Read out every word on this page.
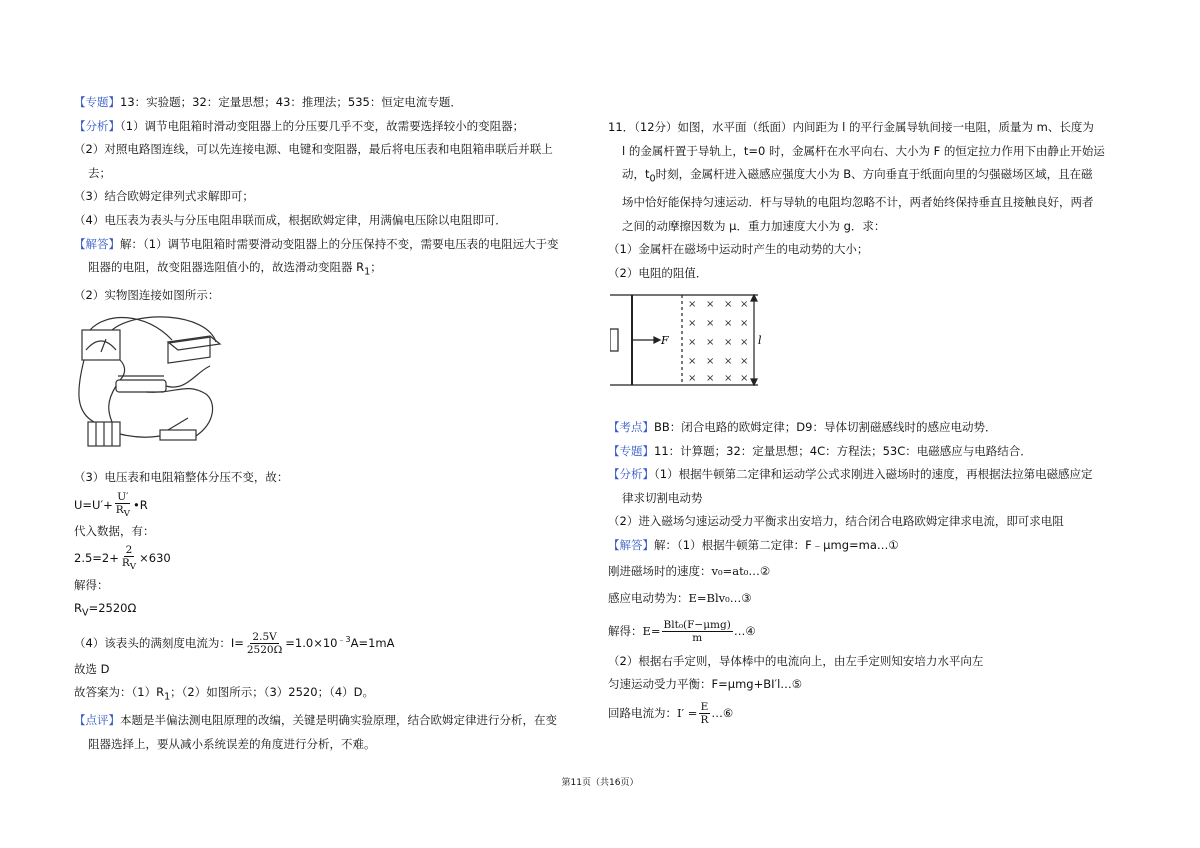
【专题】13：实验题；32：定量思想；43：推理法；535：恒定电流专题．

【分析】（1）调节电阻箱时滑动变阻器上的分压要几乎不变，故需要选择较小的变阻器；

（2）对照电路图连线，可以先连接电源、电键和变阻器，最后将电压表和电阻箱串联后并联上

去；

（3）结合欧姆定律列式求解即可；

（4）电压表为表头与分压电阻串联而成，根据欧姆定律，用满偏电压除以电阻即可．

【解答】解：（1）调节电阻箱时需要滑动变阻器上的分压保持不变，需要电压表的电阻远大于变

阻器的电阻，故变阻器选阻值小的，故选滑动变阻器 $R_1$；

（2）实物图连接如图所示：

（3）电压表和电阻箱整体分压不变，故：

$U=U'+ \frac{U'}{R_V}$ •R

代入数据，有：

$2.5=2+ \frac{2}{R_V} \times 630$

解得：

$R_V=2520\Omega$

（4）该表头的满刻度电流为：$I= \frac{2.5V}{2520\Omega} =1.0\times 10^{﹣3}A=1mA$

故选 D

故答案为：$(1)R_1$；（2）如图所示；（3）2520；（4）D。

【点评】本题是半偏法测电阻原理的改编，关键是明确实验原理，结合欧姆定律进行分析，在变

阻器选择上，要从减小系统误差的角度进行分析，不难。

11．（12分）如图，水平面（纸面）内间距为 l 的平行金属导轨间接一电阻，质量为 m、长度为

l 的金属杆置于导轨上，t=0 时，金属杆在水平向右、大小为 F 的恒定拉力作用下由静止开始运

动，$t_0$时刻，金属杆进入磁感应强度大小为 B、方向垂直于纸面向里的匀强磁场区域，且在磁

场中恰好能保持匀速运动．杆与导轨的电阻均忽略不计，两者始终保持垂直且接触良好，两者

之间的动摩擦因数为 μ．重力加速度大小为 g．求：

（1）金属杆在磁场中运动时产生的电动势的大小；

（2）电阻的阻值．

F	l
× × × ×
× × × ×
× × × ×
× × × ×
× × × ×

【考点】BB：闭合电路的欧姆定律；D9：导体切割磁感线时的感应电动势．

【专题】11：计算题；32：定量思想；4C：方程法；53C：电磁感应与电路结合．

【分析】（1）根据牛顿第二定律和运动学公式求刚进入磁场时的速度，再根据法拉第电磁感应定

律求切割电动势

（2）进入磁场匀速运动受力平衡求出安培力，结合闭合电路欧姆定律求电流，即可求电阻

【解答】解：（1）根据牛顿第二定律：F﹣μmg=ma…①

刚进磁场时的速度：v₀=at₀…②

感应电动势为：E=Blv₀…③

解得：$E= \frac{\text{Blt₀(F−μmg)}}{m}$ …④

（2）根据右手定则，导体棒中的电流向上，由左手定则知安培力水平向左

匀速运动受力平衡：F=μmg+BI′l…⑤

回路电流为：$I' = \frac{E}{R}$ …⑥

第11页（共16页）
